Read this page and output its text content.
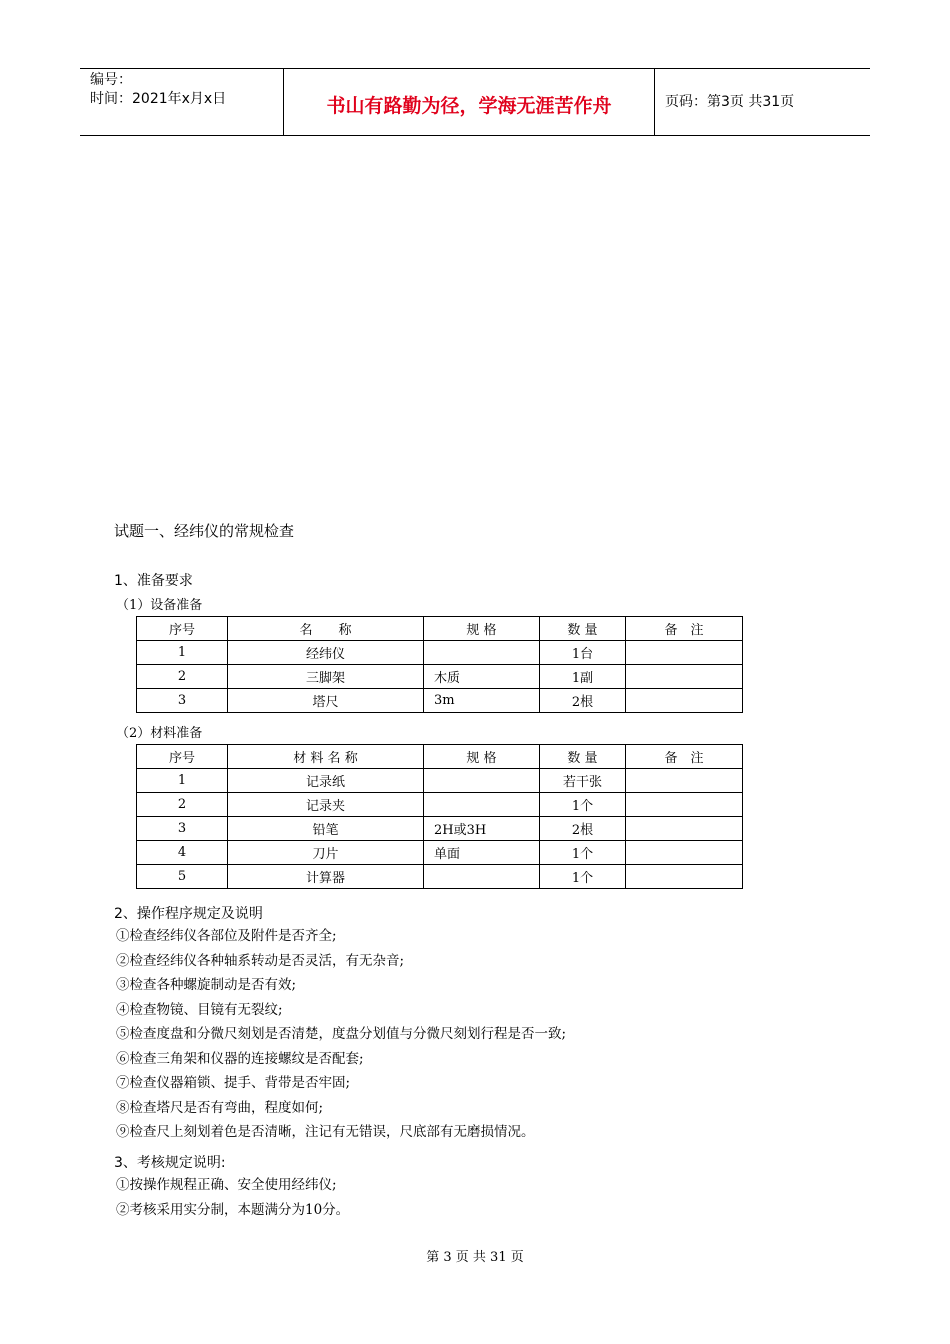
编号：
时间：2021年x月x日	书山有路勤为径，学海无涯苦作舟	页码：第3页 共31页
试题一、经纬仪的常规检查
1、准备要求
（1）设备准备
序号	名　　称	规 格	数 量	备　注
1	经纬仪		1台	
2	三脚架	木质	1副	
3	塔尺	3m	2根	
（2）材料准备
序号	材 料 名 称	规 格	数 量	备　注
1	记录纸		若干张	
2	记录夹		1个	
3	铅笔	2H或3H	2根	
4	刀片	单面	1个	
5	计算器		1个	
2、操作程序规定及说明
①检查经纬仪各部位及附件是否齐全;
②检查经纬仪各种轴系转动是否灵活，有无杂音;
③检查各种螺旋制动是否有效;
④检查物镜、目镜有无裂纹;
⑤检查度盘和分微尺刻划是否清楚，度盘分划值与分微尺刻划行程是否一致;
⑥检查三角架和仪器的连接螺纹是否配套;
⑦检查仪器箱锁、提手、背带是否牢固;
⑧检查塔尺是否有弯曲，程度如何;
⑨检查尺上刻划着色是否清晰，注记有无错误，尺底部有无磨损情况。
3、考核规定说明:
①按操作规程正确、安全使用经纬仪;
②考核采用实分制，本题满分为10分。
第 3 页 共 31 页
